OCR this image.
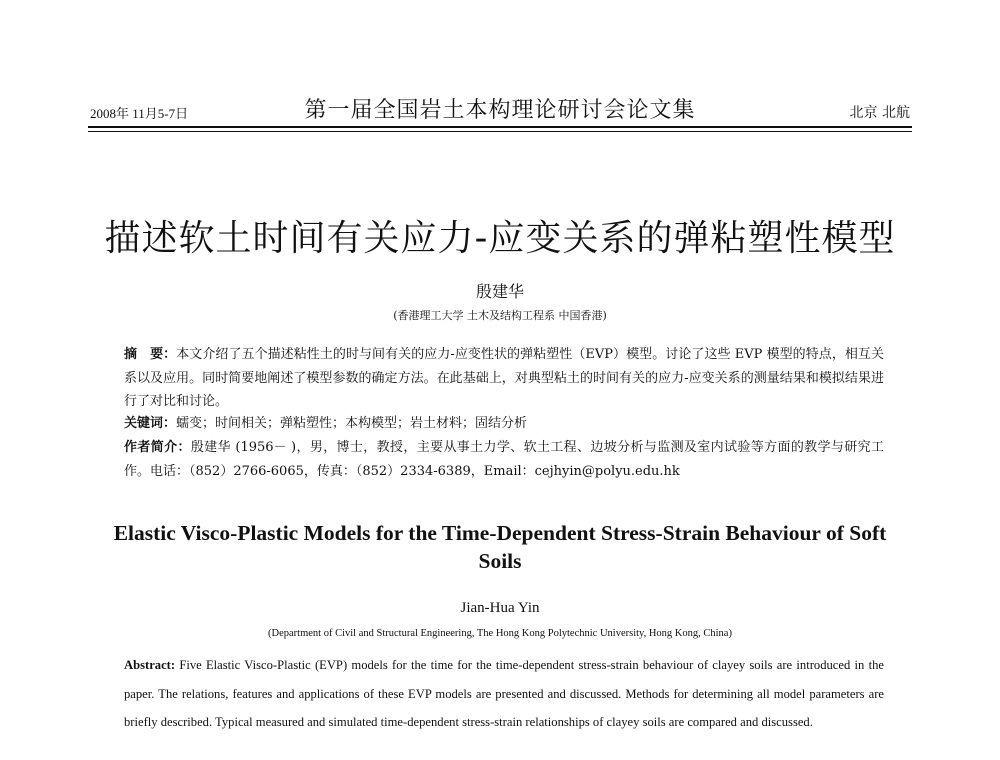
2008年 11月5-7日	第一届全国岩土本构理论研讨会论文集	北京 北航
描述软土时间有关应力-应变关系的弹粘塑性模型
殷建华
(香港理工大学 土木及结构工程系 中国香港)
摘　要：本文介绍了五个描述粘性土的时与间有关的应力-应变性状的弹粘塑性（EVP）模型。讨论了这些 EVP 模型的特点，相互关系以及应用。同时简要地阐述了模型参数的确定方法。在此基础上，对典型粘土的时间有关的应力-应变关系的测量结果和模拟结果进行了对比和讨论。
关键词：蠕变；时间相关；弹粘塑性；本构模型；岩土材料；固结分析
作者简介：殷建华 (1956－ )，男，博士，教授，主要从事土力学、软土工程、边坡分析与监测及室内试验等方面的教学与研究工作。电话：（852）2766-6065，传真：（852）2334-6389，Email：cejhyin@polyu.edu.hk
Elastic Visco-Plastic Models for the Time-Dependent Stress-Strain Behaviour of Soft Soils
Jian-Hua Yin
(Department of Civil and Structural Engineering, The Hong Kong Polytechnic University, Hong Kong, China)
Abstract: Five Elastic Visco-Plastic (EVP) models for the time for the time-dependent stress-strain behaviour of clayey soils are introduced in the paper. The relations, features and applications of these EVP models are presented and discussed. Methods for determining all model parameters are briefly described. Typical measured and simulated time-dependent stress-strain relationships of clayey soils are compared and discussed.
